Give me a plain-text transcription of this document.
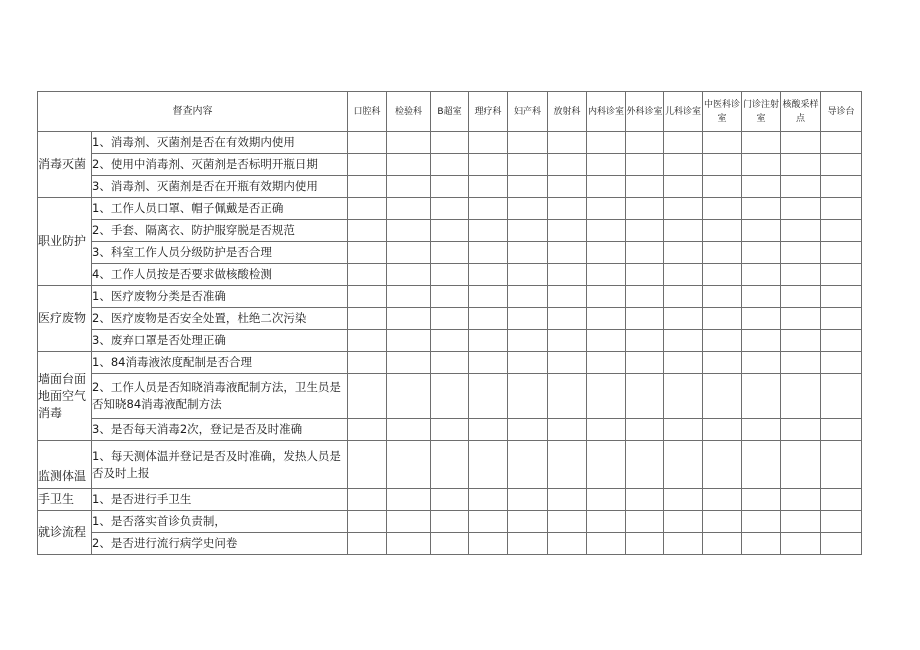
督查内容		口腔科	检验科	B超室	理疗科	妇产科	放射科	内科诊室	外科诊室	儿科诊室	中医科诊室	门诊注射室	核酸采样点	导诊台
消毒灭菌	1、消毒剂、灭菌剂是否在有效期内使用													
	2、使用中消毒剂、灭菌剂是否标明开瓶日期													
	3、消毒剂、灭菌剂是否在开瓶有效期内使用													
职业防护	1、工作人员口罩、帽子佩戴是否正确													
	2、手套、隔离衣、防护服穿脱是否规范													
	3、科室工作人员分级防护是否合理													
	4、工作人员按是否要求做核酸检测													
医疗废物	1、医疗废物分类是否准确													
	2、医疗废物是否安全处置，杜绝二次污染													
	3、废弃口罩是否处理正确													
墙面台面地面空气消毒	1、84消毒液浓度配制是否合理													
	2、工作人员是否知晓消毒液配制方法，卫生员是否知晓84消毒液配制方法													
	3、是否每天消毒2次，登记是否及时准确													
监测体温	1、每天测体温并登记是否及时准确，发热人员是否及时上报													
手卫生	1、是否进行手卫生													
就诊流程	1、是否落实首诊负责制，													
	2、是否进行流行病学史问卷													
